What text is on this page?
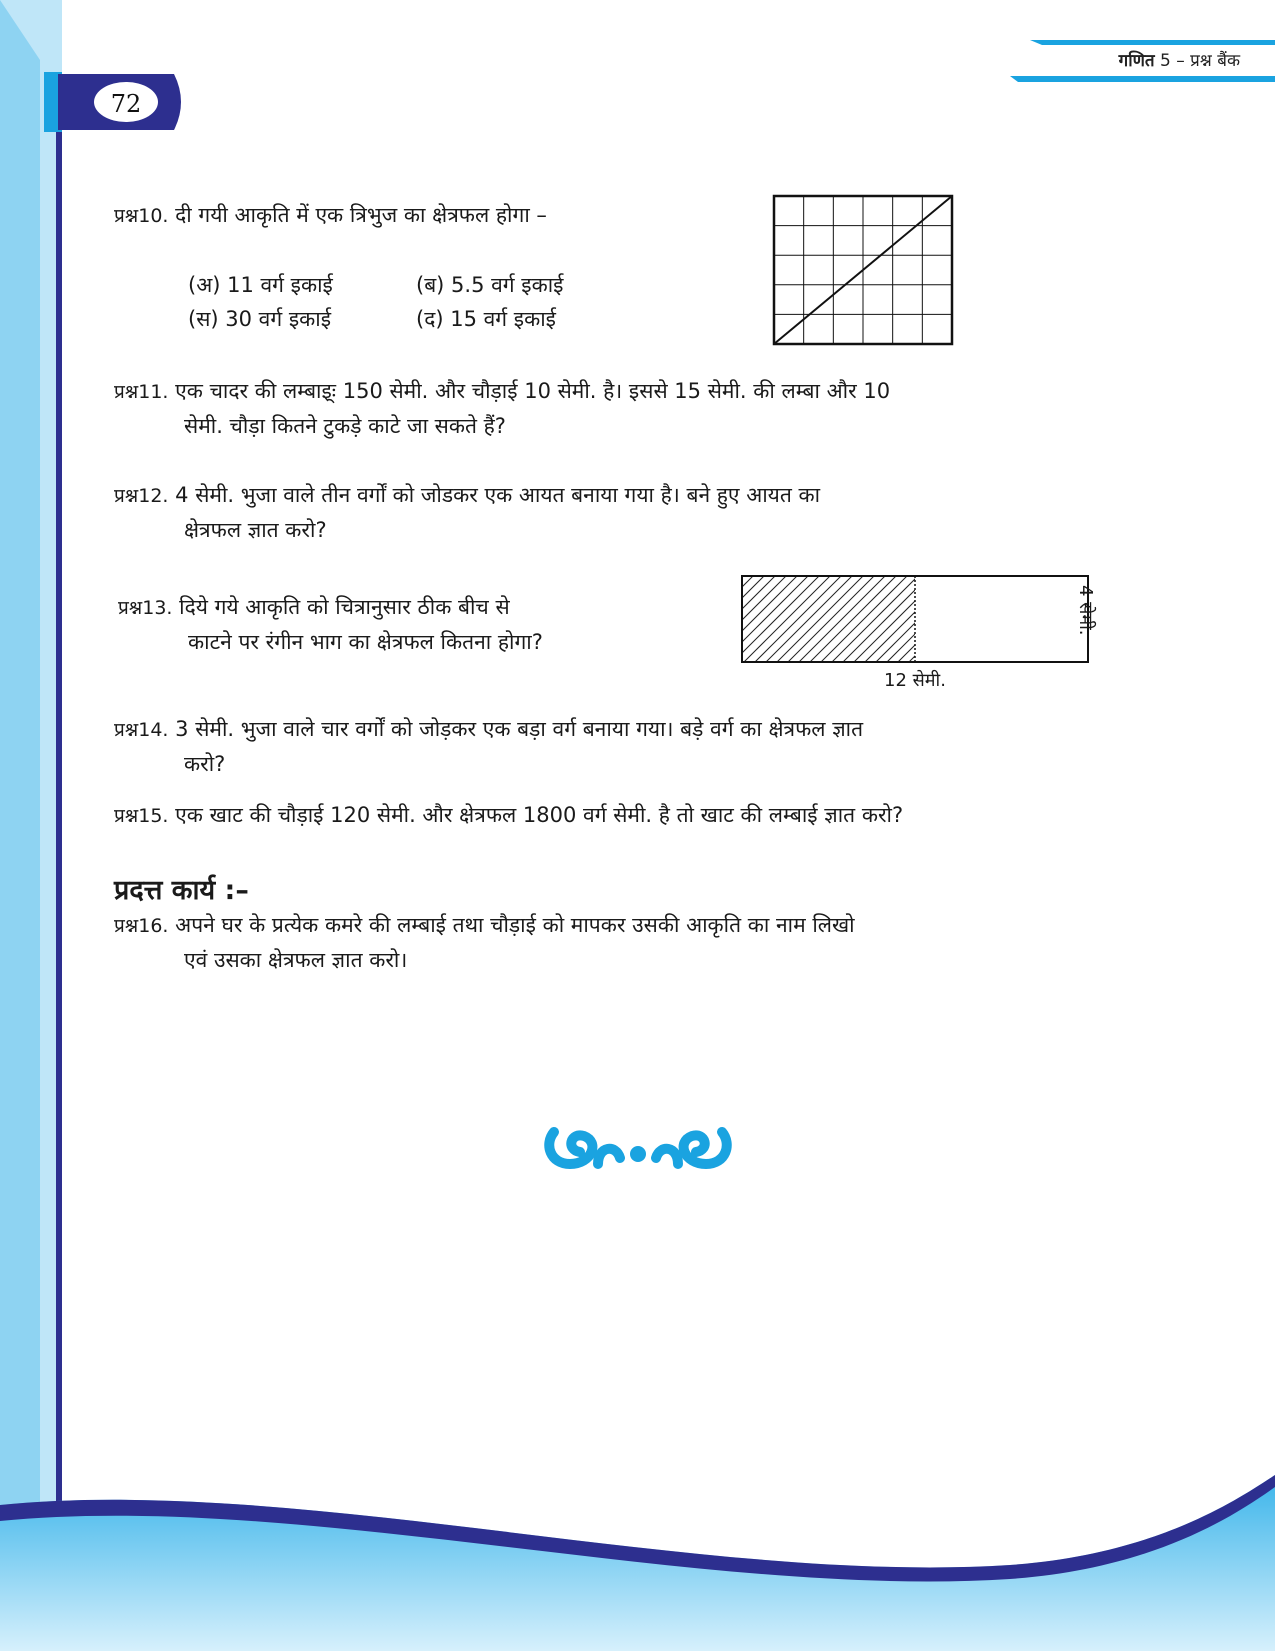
गणित 5 – प्रश्न बैंक
72
प्रश्न10. दी गयी आकृति में एक त्रिभुज का क्षेत्रफल होगा –
(अ) 11 वर्ग इकाई	(ब) 5.5 वर्ग इकाई
(स) 30 वर्ग इकाई	(द) 15 वर्ग इकाई
प्रश्न11. एक चादर की लम्बाइ्ः 150 सेमी. और चौड़ाई 10 सेमी. है। इससे 15 सेमी. की लम्बा और 10
सेमी. चौड़ा कितने टुकड़े काटे जा सकते हैं?
प्रश्न12. 4 सेमी. भुजा वाले तीन वर्गों को जोडकर एक आयत बनाया गया है। बने हुए आयत का
क्षेत्रफल ज्ञात करो?
प्रश्न13. दिये गये आकृति को चित्रानुसार ठीक बीच से
काटने पर रंगीन भाग का क्षेत्रफल कितना होगा?
12 सेमी.
4 सेमी.
प्रश्न14. 3 सेमी. भुजा वाले चार वर्गों को जोड़कर एक बड़ा वर्ग बनाया गया। बड़े वर्ग का क्षेत्रफल ज्ञात
करो?
प्रश्न15. एक खाट की चौड़ाई 120 सेमी. और क्षेत्रफल 1800 वर्ग सेमी. है तो खाट की लम्बाई ज्ञात करो?
प्रदत्त कार्य :–
प्रश्न16. अपने घर के प्रत्येक कमरे की लम्बाई तथा चौड़ाई को मापकर उसकी आकृति का नाम लिखो
एवं उसका क्षेत्रफल ज्ञात करो।
